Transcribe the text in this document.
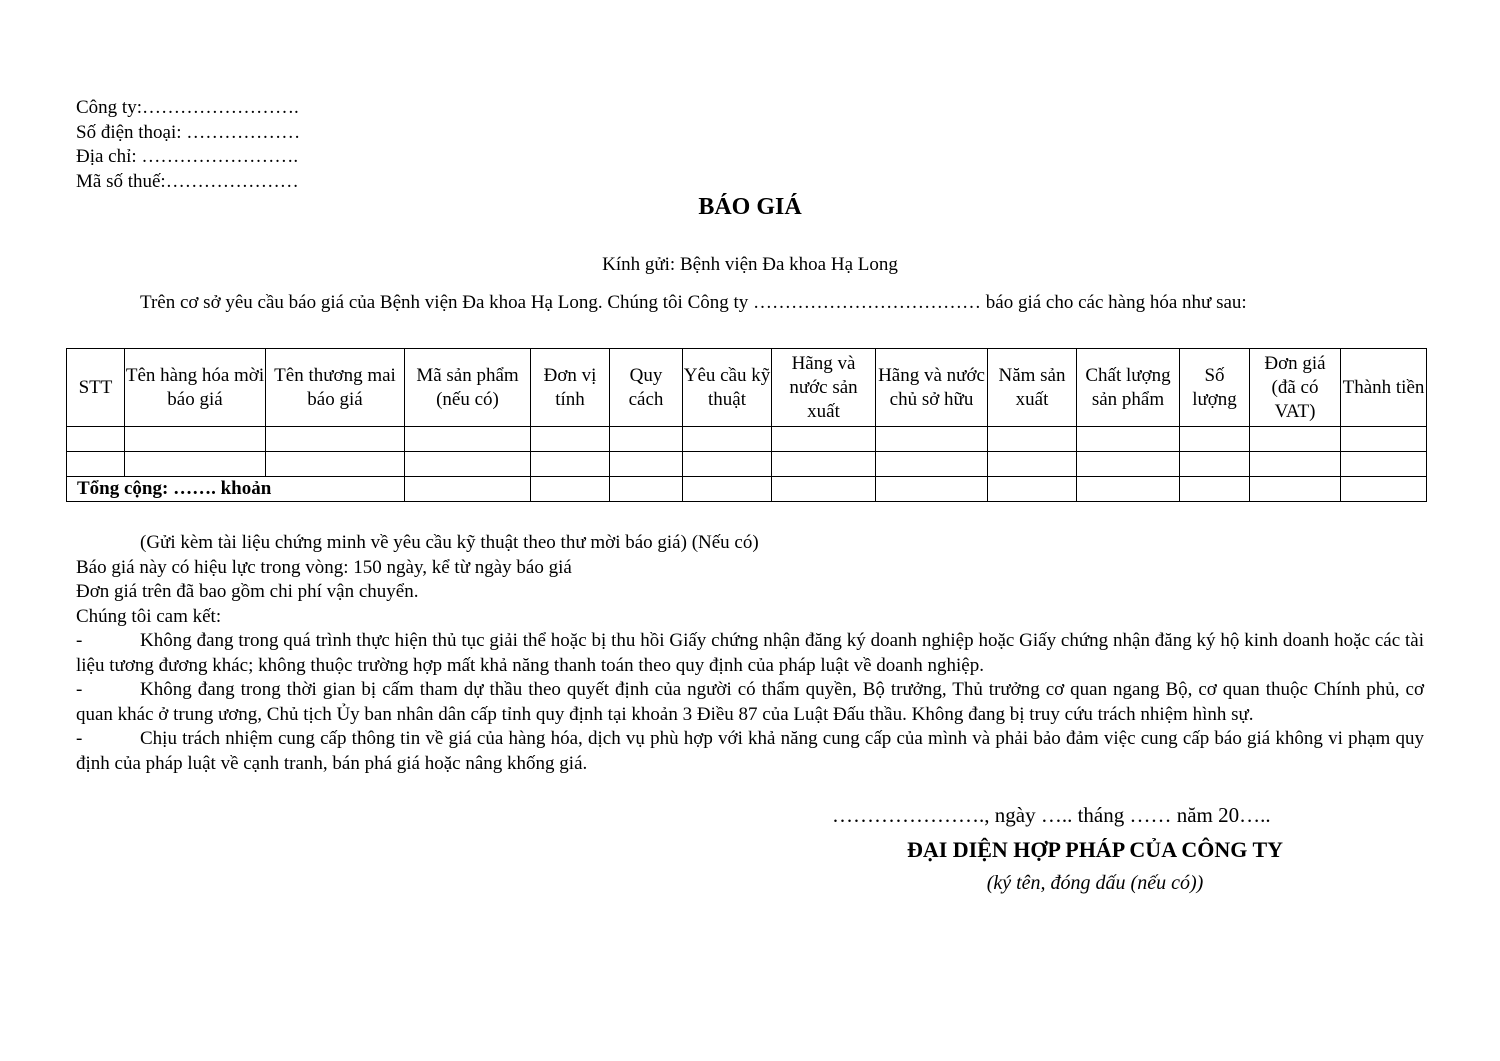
Công ty:…………………….
Số điện thoại: ………………
Địa chỉ: …………………….
Mã số thuế:…………………
BÁO GIÁ
Kính gửi: Bệnh viện Đa khoa Hạ Long
Trên cơ sở yêu cầu báo giá của Bệnh viện Đa khoa Hạ Long. Chúng tôi Công ty ……………………………… báo giá cho các hàng hóa như sau:
STT	Tên hàng hóa mời báo giá	Tên thương mai báo giá	Mã sản phẩm (nếu có)	Đơn vị tính	Quy cách	Yêu cầu kỹ thuật	Hãng và nước sản xuất	Hãng và nước chủ sở hữu	Năm sản xuất	Chất lượng sản phẩm	Số lượng	Đơn giá (đã có VAT)	Thành tiền

Tổng cộng: ……. khoản													
(Gửi kèm tài liệu chứng minh về yêu cầu kỹ thuật theo thư mời báo giá) (Nếu có)
Báo giá này có hiệu lực trong vòng: 150 ngày, kể từ ngày báo giá
Đơn giá trên đã bao gồm chi phí vận chuyển.
Chúng tôi cam kết:
-	Không đang trong quá trình thực hiện thủ tục giải thể hoặc bị thu hồi Giấy chứng nhận đăng ký doanh nghiệp hoặc Giấy chứng nhận đăng ký hộ kinh doanh hoặc các tài liệu tương đương khác; không thuộc trường hợp mất khả năng thanh toán theo quy định của pháp luật về doanh nghiệp.
-	Không đang trong thời gian bị cấm tham dự thầu theo quyết định của người có thẩm quyền, Bộ trưởng, Thủ trưởng cơ quan ngang Bộ, cơ quan thuộc Chính phủ, cơ quan khác ở trung ương, Chủ tịch Ủy ban nhân dân cấp tỉnh quy định tại khoản 3 Điều 87 của Luật Đấu thầu. Không đang bị truy cứu trách nhiệm hình sự.
-	Chịu trách nhiệm cung cấp thông tin về giá của hàng hóa, dịch vụ phù hợp với khả năng cung cấp của mình và phải bảo đảm việc cung cấp báo giá không vi phạm quy định của pháp luật về cạnh tranh, bán phá giá hoặc nâng khống giá.
…………………., ngày ….. tháng …… năm 20…..
ĐẠI DIỆN HỢP PHÁP CỦA CÔNG TY
(ký tên, đóng dấu (nếu có))
